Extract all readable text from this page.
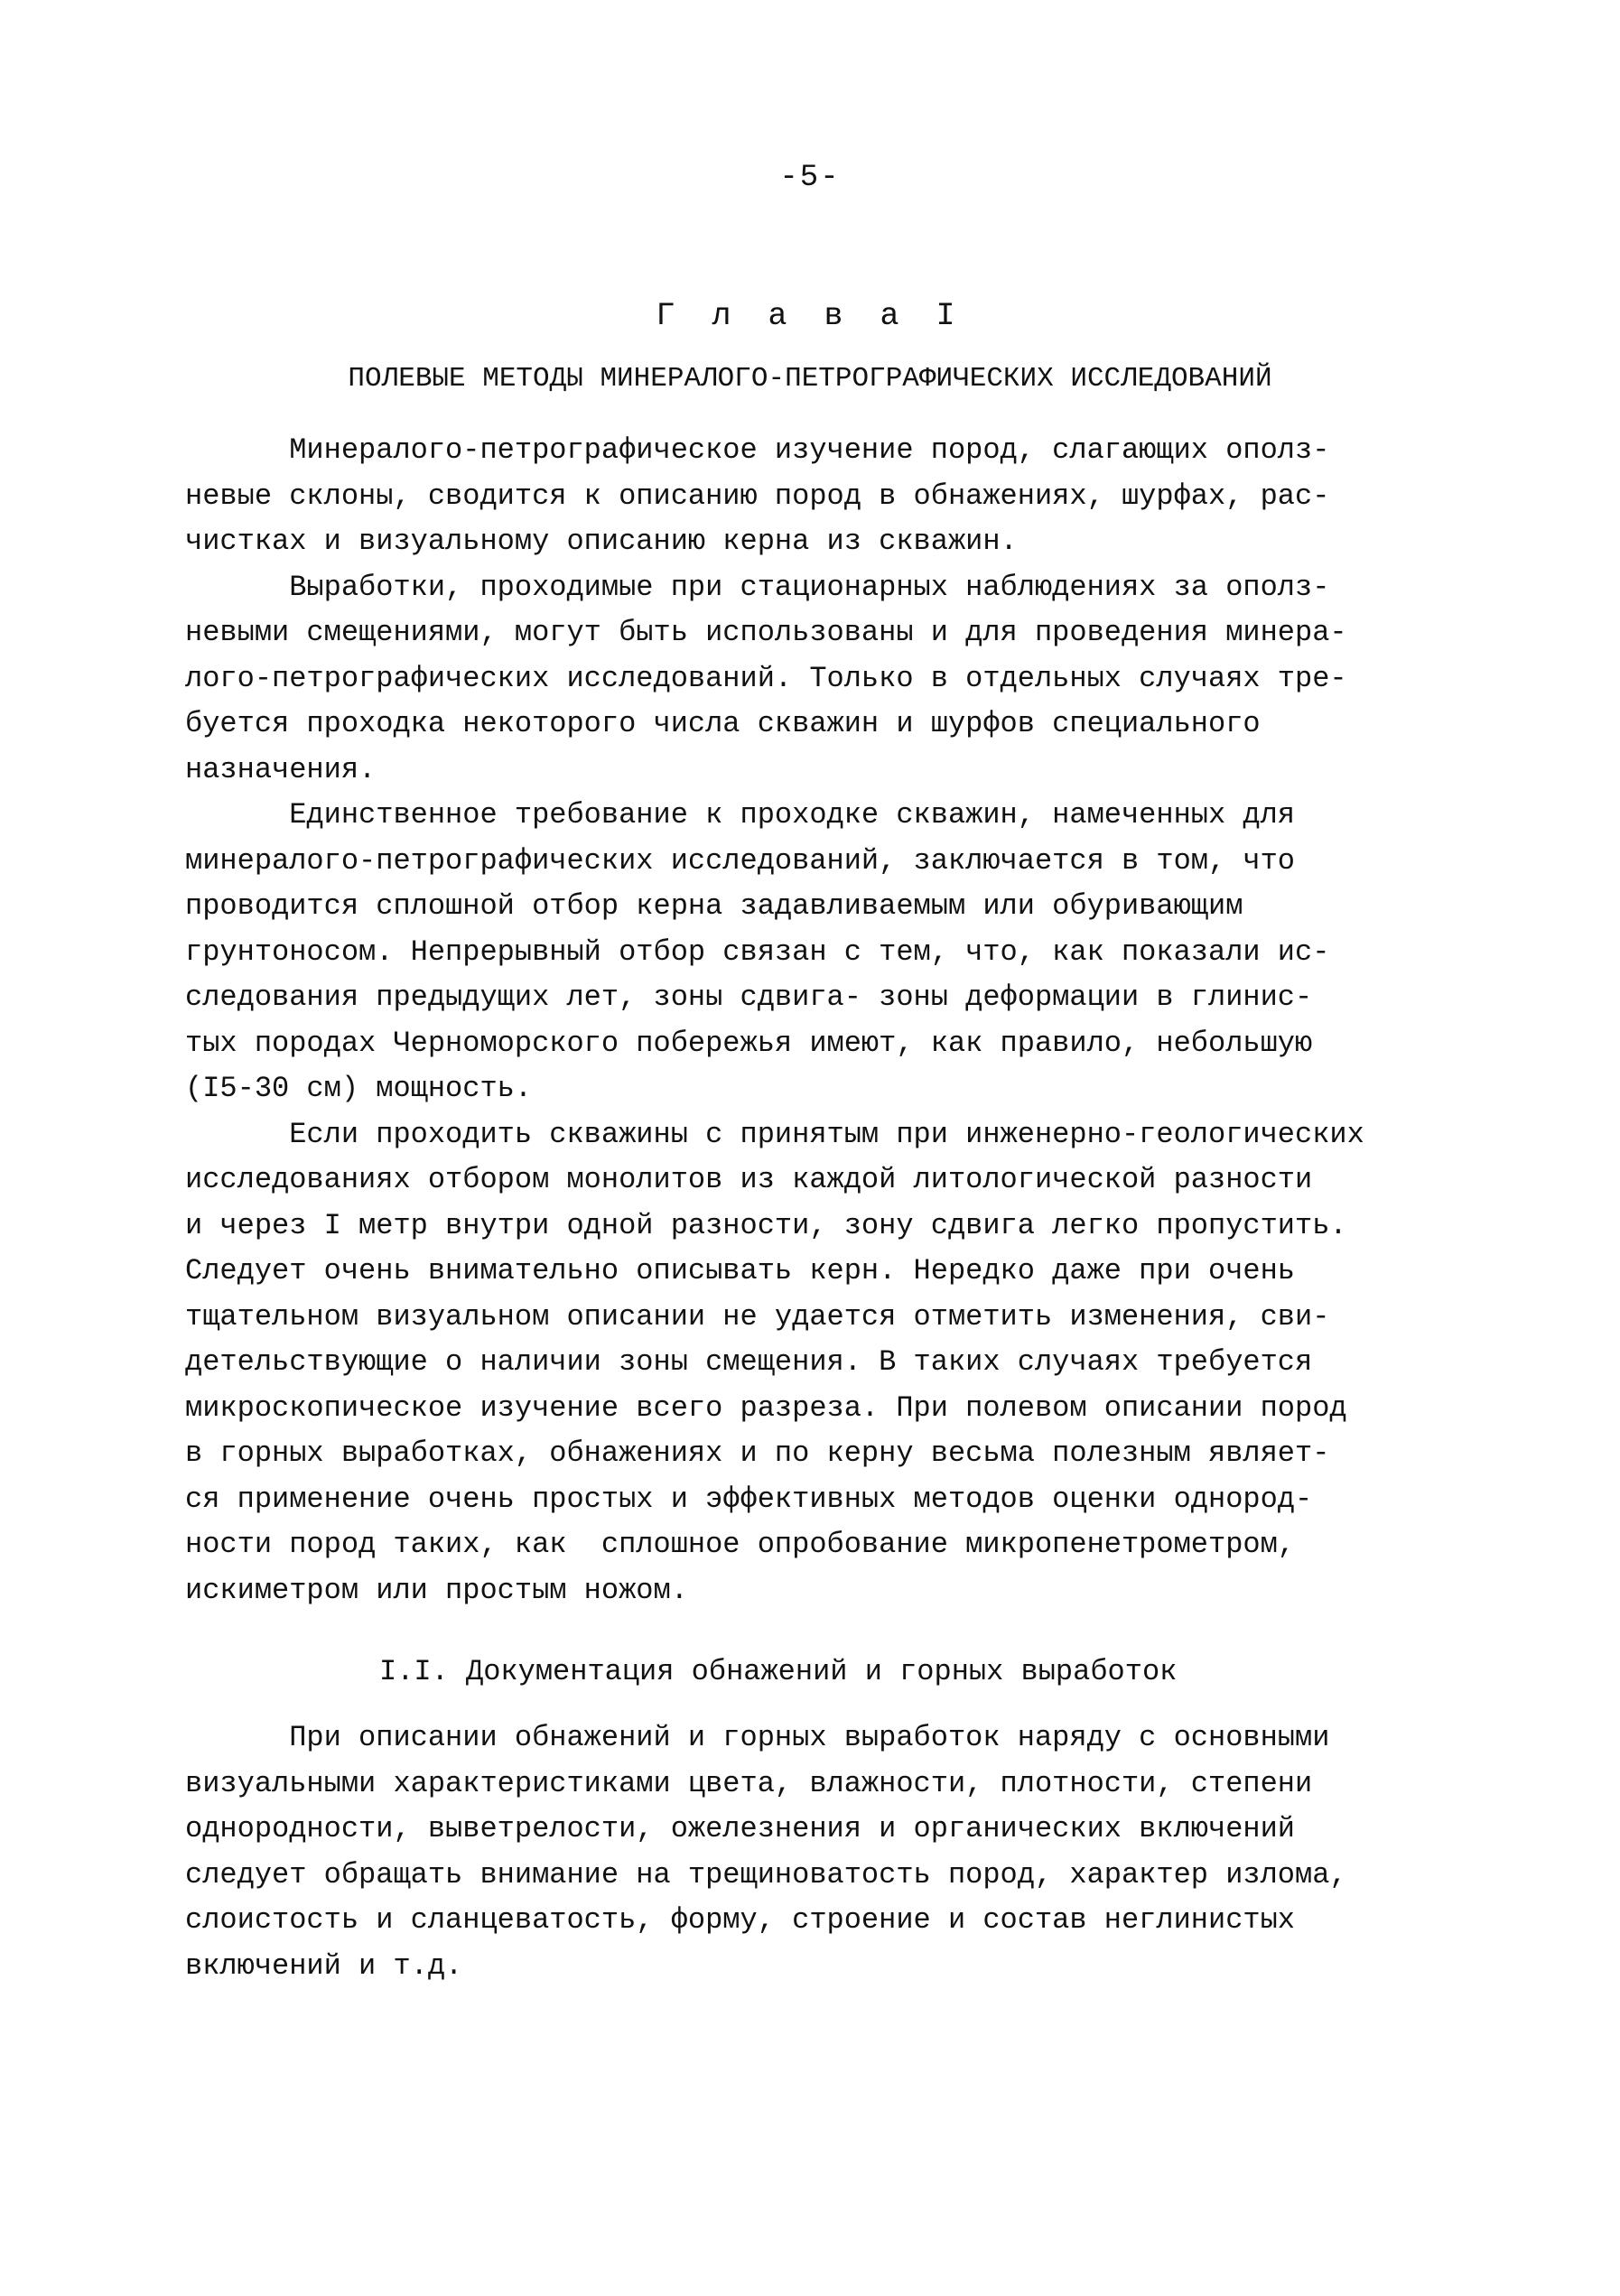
-5-
Г л а в а I
ПОЛЕВЫЕ МЕТОДЫ МИНЕРАЛОГО-ПЕТРОГРАФИЧЕСКИХ ИССЛЕДОВАНИЙ
Минералого-петрографическое изучение пород, слагающих ополз-
невые склоны, сводится к описанию пород в обнажениях, шурфах, рас-
чистках и визуальному описанию керна из скважин.
Выработки, проходимые при стационарных наблюдениях за ополз-
невыми смещениями, могут быть использованы и для проведения минера-
лого-петрографических исследований. Только в отдельных случаях тре-
буется проходка некоторого числа скважин и шурфов специального
назначения.
Единственное требование к проходке скважин, намеченных для
минералого-петрографических исследований, заключается в том, что
проводится сплошной отбор керна задавливаемым или обуривающим
грунтоносом. Непрерывный отбор связан с тем, что, как показали ис-
следования предыдущих лет, зоны сдвига- зоны деформации в глинис-
тых породах Черноморского побережья имеют, как правило, небольшую
(I5-30 см) мощность.
Если проходить скважины с принятым при инженерно-геологических
исследованиях отбором монолитов из каждой литологической разности
и через I метр внутри одной разности, зону сдвига легко пропустить.
Следует очень внимательно описывать керн. Нередко даже при очень
тщательном визуальном описании не удается отметить изменения, сви-
детельствующие о наличии зоны смещения. В таких случаях требуется
микроскопическое изучение всего разреза. При полевом описании пород
в горных выработках, обнажениях и по керну весьма полезным являет-
ся применение очень простых и эффективных методов оценки однород-
ности пород таких, как  сплошное опробование микропенетрометром,
искиметром или простым ножом.
I.I. Документация обнажений и горных выработок
При описании обнажений и горных выработок наряду с основными
визуальными характеристиками цвета, влажности, плотности, степени
однородности, выветрелости, ожелезнения и органических включений
следует обращать внимание на трещиноватость пород, характер излома,
слоистость и сланцеватость, форму, строение и состав неглинистых
включений и т.д.
